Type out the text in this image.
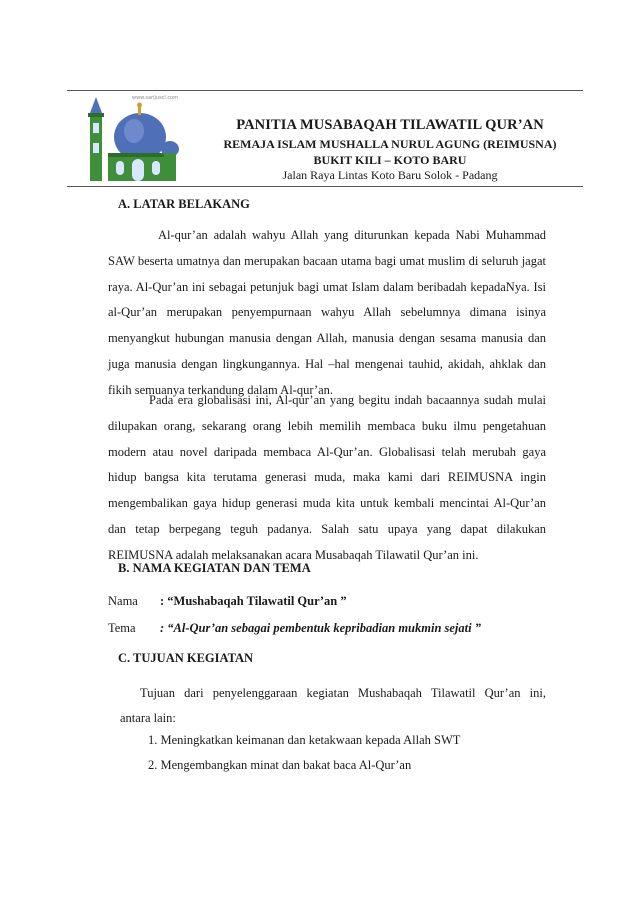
www.sarijuscl.com
PANITIA MUSABAQAH TILAWATIL QUR’AN
REMAJA ISLAM MUSHALLA NURUL AGUNG (REIMUSNA)
BUKIT KILI – KOTO BARU
Jalan Raya Lintas Koto Baru Solok - Padang
A. LATAR BELAKANG

Al-qur’an adalah wahyu Allah yang diturunkan kepada Nabi Muhammad SAW beserta umatnya dan merupakan bacaan utama bagi umat muslim di seluruh jagat raya. Al-Qur’an ini sebagai petunjuk bagi umat Islam dalam beribadah kepadaNya. Isi al-Qur’an merupakan penyempurnaan wahyu Allah sebelumnya dimana isinya menyangkut hubungan manusia dengan Allah, manusia dengan sesama manusia dan juga manusia dengan lingkungannya. Hal –hal mengenai tauhid, akidah, ahklak dan fikih semuanya terkandung dalam Al-qur’an.

Pada era globalisasi ini, Al-qur’an yang begitu indah bacaannya sudah mulai dilupakan orang, sekarang orang lebih memilih membaca buku ilmu pengetahuan modern atau novel daripada membaca Al-Qur’an. Globalisasi telah merubah gaya hidup bangsa kita terutama generasi muda, maka kami dari REIMUSNA ingin mengembalikan gaya hidup generasi muda kita untuk kembali mencintai Al-Qur’an dan tetap berpegang teguh padanya. Salah satu upaya yang dapat dilakukan REIMUSNA adalah melaksanakan acara Musabaqah Tilawatil Qur’an ini.

B. NAMA KEGIATAN DAN TEMA
Nama : “Mushabaqah Tilawatil Qur’an ”
Tema : “Al-Qur’an sebagai pembentuk kepribadian mukmin sejati ”
C. TUJUAN KEGIATAN
Tujuan dari penyelenggaraan kegiatan Mushabaqah Tilawatil Qur’an ini,
antara lain:
1. Meningkatkan keimanan dan ketakwaan kepada Allah SWT
2. Mengembangkan minat dan bakat baca Al-Qur’an
